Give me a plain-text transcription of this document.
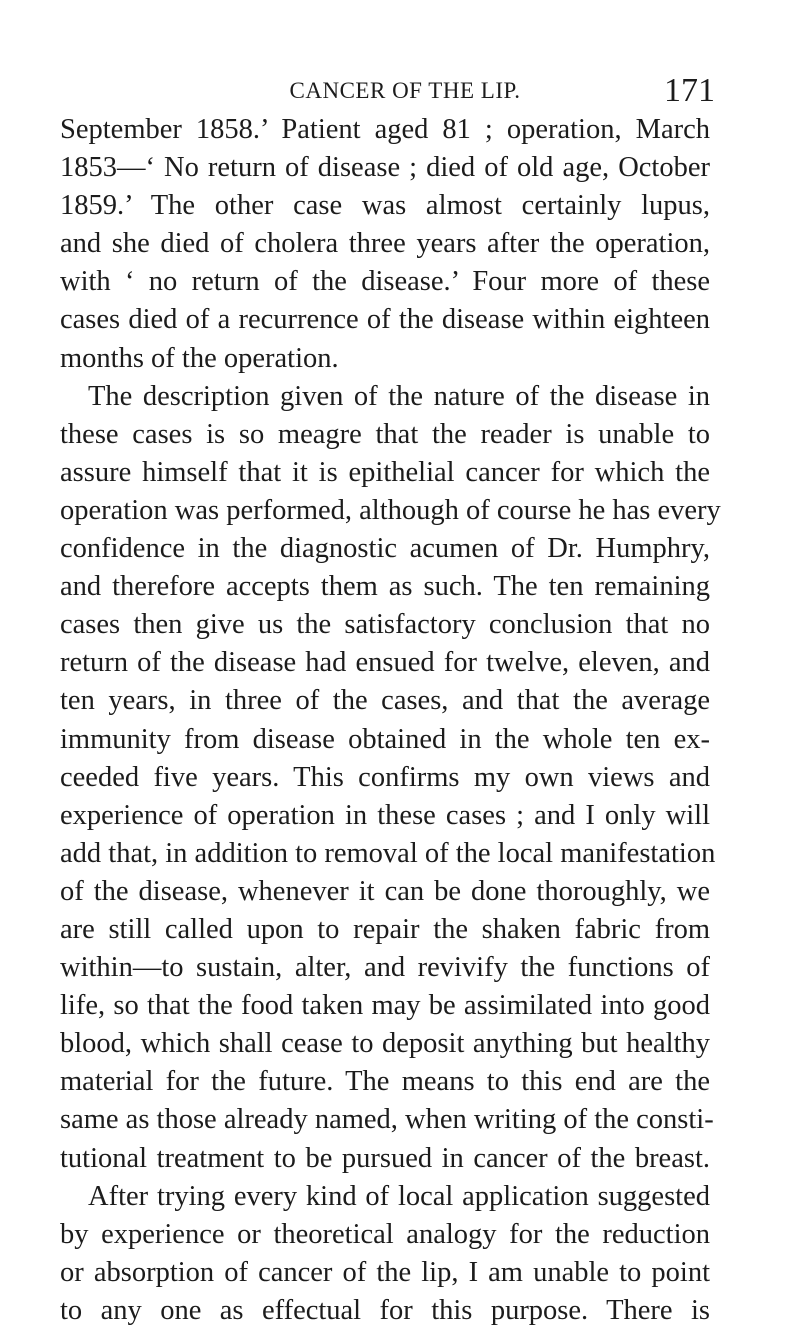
CANCER OF THE LIP.	171
September 1858.’ Patient aged 81 ; operation, March
1853—‘ No return of disease ; died of old age, October
1859.’ The other case was almost certainly lupus,
and she died of cholera three years after the operation,
with ‘ no return of the disease.’ Four more of these
cases died of a recurrence of the disease within eighteen
months of the operation.
The description given of the nature of the disease in
these cases is so meagre that the reader is unable to
assure himself that it is epithelial cancer for which the
operation was performed, although of course he has every
confidence in the diagnostic acumen of Dr. Humphry,
and therefore accepts them as such. The ten remaining
cases then give us the satisfactory conclusion that no
return of the disease had ensued for twelve, eleven, and
ten years, in three of the cases, and that the average
immunity from disease obtained in the whole ten ex-
ceeded five years. This confirms my own views and
experience of operation in these cases ; and I only will
add that, in addition to removal of the local manifestation
of the disease, whenever it can be done thoroughly, we
are still called upon to repair the shaken fabric from
within—to sustain, alter, and revivify the functions of
life, so that the food taken may be assimilated into good
blood, which shall cease to deposit anything but healthy
material for the future. The means to this end are the
same as those already named, when writing of the consti-
tutional treatment to be pursued in cancer of the breast.
After trying every kind of local application suggested
by experience or theoretical analogy for the reduction
or absorption of cancer of the lip, I am unable to point
to any one as effectual for this purpose. There is
